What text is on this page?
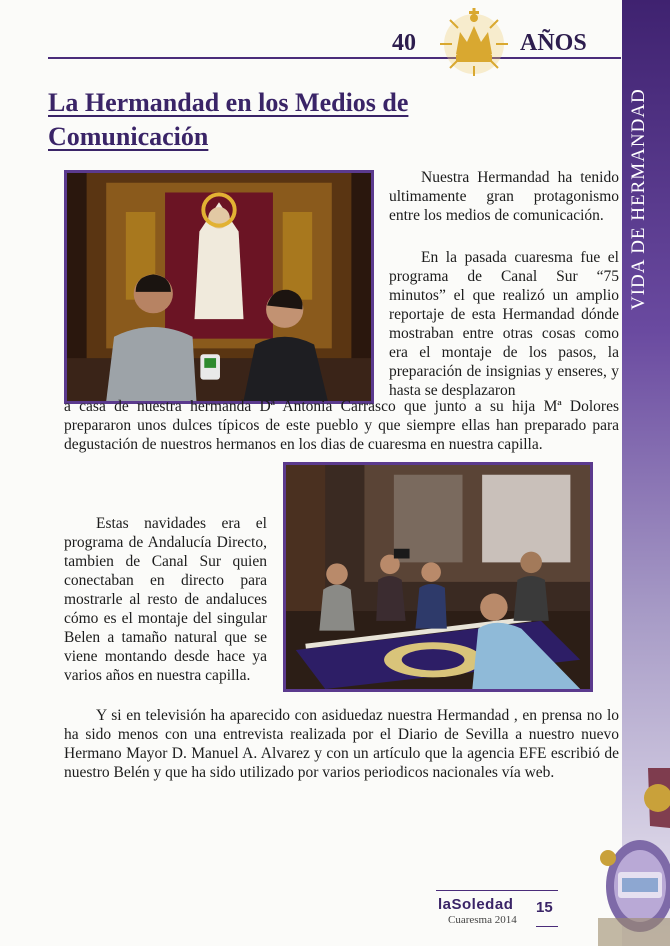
40	AÑOS
VIDA DE HERMANDAD
La Hermandad en los Medios de Comunicación

Nuestra Hermandad ha tenido ultimamente gran protagonismo entre los medios de comunicación.

En la pasada cuaresma fue el programa de Canal Sur “75 minutos” el que realizó un amplio reportaje de esta Hermandad dónde mostraban entre otras cosas como era el montaje de los pasos, la preparación de insignias y enseres, y hasta se desplazaron

a casa de nuestra hermanda Dª Antonia Carrasco que junto a su hija Mª Dolores prepararon unos dulces típicos de este pueblo y que siempre ellas han preparado para degustación de nuestros hermanos en los dias de cuaresma en nuestra capilla.

Estas navidades era el programa de Andalucía Directo, tambien de Canal Sur quien conectaban en directo para mostrarle al resto de andaluces cómo es el montaje del singular Belen a tamaño natural que se viene montando desde hace ya varios años en nuestra capilla.

Y si en televisión ha aparecido con asiduedaz nuestra Hermandad , en prensa no lo ha sido menos con una entrevista realizada por el Diario de Sevilla a nuestro nuevo Hermano Mayor D. Manuel A. Alvarez y con un artículo que la agencia EFE escribió de nuestro Belén y que ha sido utilizado por varios periodicos nacionales vía web.

laSoledad
Cuaresma 2014
15
